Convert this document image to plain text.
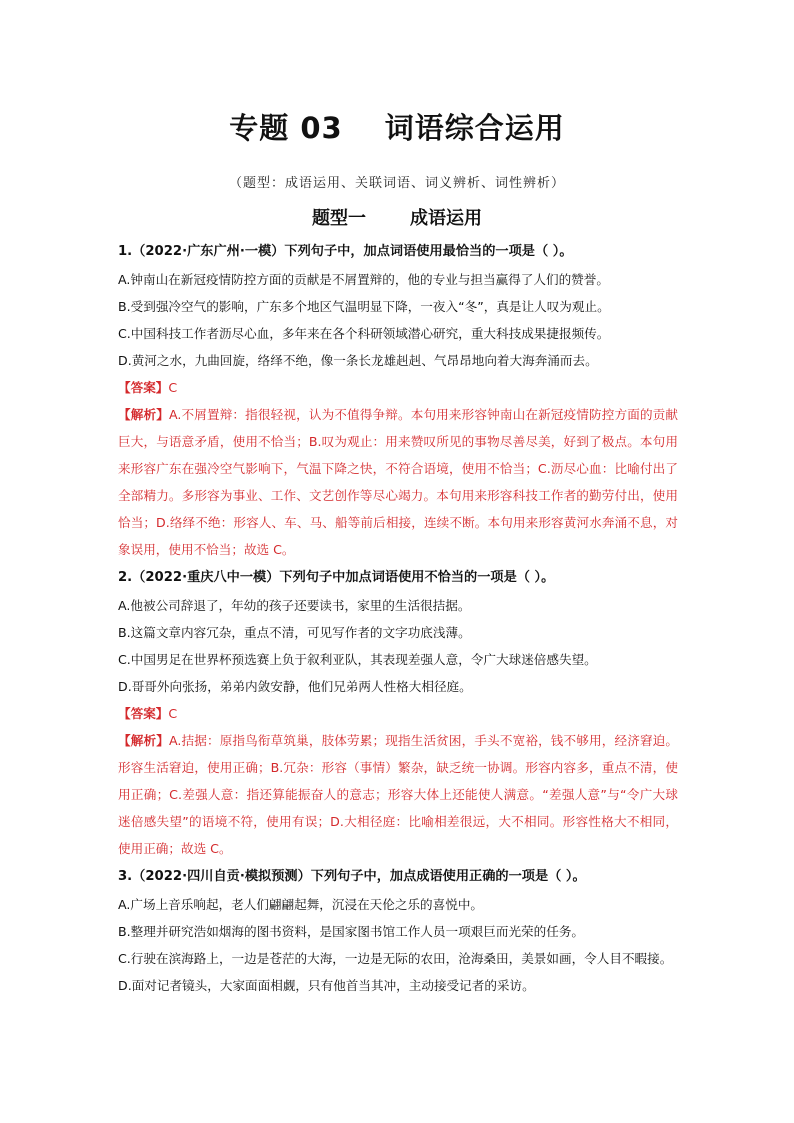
专题 03 词语综合运用
（题型：成语运用、关联词语、词义辨析、词性辨析）
题型一 成语运用
1.（2022·广东广州·一模）下列句子中，加点词语使用最恰当的一项是（ ）。
A.钟南山在新冠疫情防控方面的贡献是不屑置辩的，他的专业与担当赢得了人们的赞誉。
B.受到强冷空气的影响，广东多个地区气温明显下降，一夜入“冬”，真是让人叹为观止。
C.中国科技工作者沥尽心血，多年来在各个科研领域潜心研究，重大科技成果捷报频传。
D.黄河之水，九曲回旋，络绎不绝，像一条长龙雄赳赳、气昂昂地向着大海奔涌而去。
【答案】C
【解析】A.不屑置辩：指很轻视，认为不值得争辩。本句用来形容钟南山在新冠疫情防控方面的贡献巨大，与语意矛盾，使用不恰当；B.叹为观止：用来赞叹所见的事物尽善尽美，好到了极点。本句用来形容广东在强冷空气影响下，气温下降之快，不符合语境，使用不恰当；C.沥尽心血：比喻付出了全部精力。多形容为事业、工作、文艺创作等尽心竭力。本句用来形容科技工作者的勤劳付出，使用恰当；D.络绎不绝：形容人、车、马、船等前后相接，连续不断。本句用来形容黄河水奔涌不息，对象误用，使用不恰当；故选 C。
2.（2022·重庆八中一模）下列句子中加点词语使用不恰当的一项是（ ）。
A.他被公司辞退了，年幼的孩子还要读书，家里的生活很拮据。
B.这篇文章内容冗杂，重点不清，可见写作者的文字功底浅薄。
C.中国男足在世界杯预选赛上负于叙利亚队，其表现差强人意，令广大球迷倍感失望。
D.哥哥外向张扬，弟弟内敛安静，他们兄弟两人性格大相径庭。
【答案】C
【解析】A.拮据：原指鸟衔草筑巢，肢体劳累；现指生活贫困，手头不宽裕，钱不够用，经济窘迫。形容生活窘迫，使用正确；B.冗杂：形容（事情）繁杂，缺乏统一协调。形容内容多，重点不清，使用正确；C.差强人意：指还算能振奋人的意志；形容大体上还能使人满意。“差强人意”与“令广大球迷倍感失望”的语境不符，使用有误；D.大相径庭：比喻相差很远，大不相同。形容性格大不相同，使用正确；故选 C。
3.（2022·四川自贡·模拟预测）下列句子中，加点成语使用正确的一项是（ ）。
A.广场上音乐响起，老人们翩翩起舞，沉浸在天伦之乐的喜悦中。
B.整理并研究浩如烟海的图书资料，是国家图书馆工作人员一项艰巨而光荣的任务。
C.行驶在滨海路上，一边是苍茫的大海，一边是无际的农田，沧海桑田，美景如画，令人目不暇接。
D.面对记者镜头，大家面面相觑，只有他首当其冲，主动接受记者的采访。
